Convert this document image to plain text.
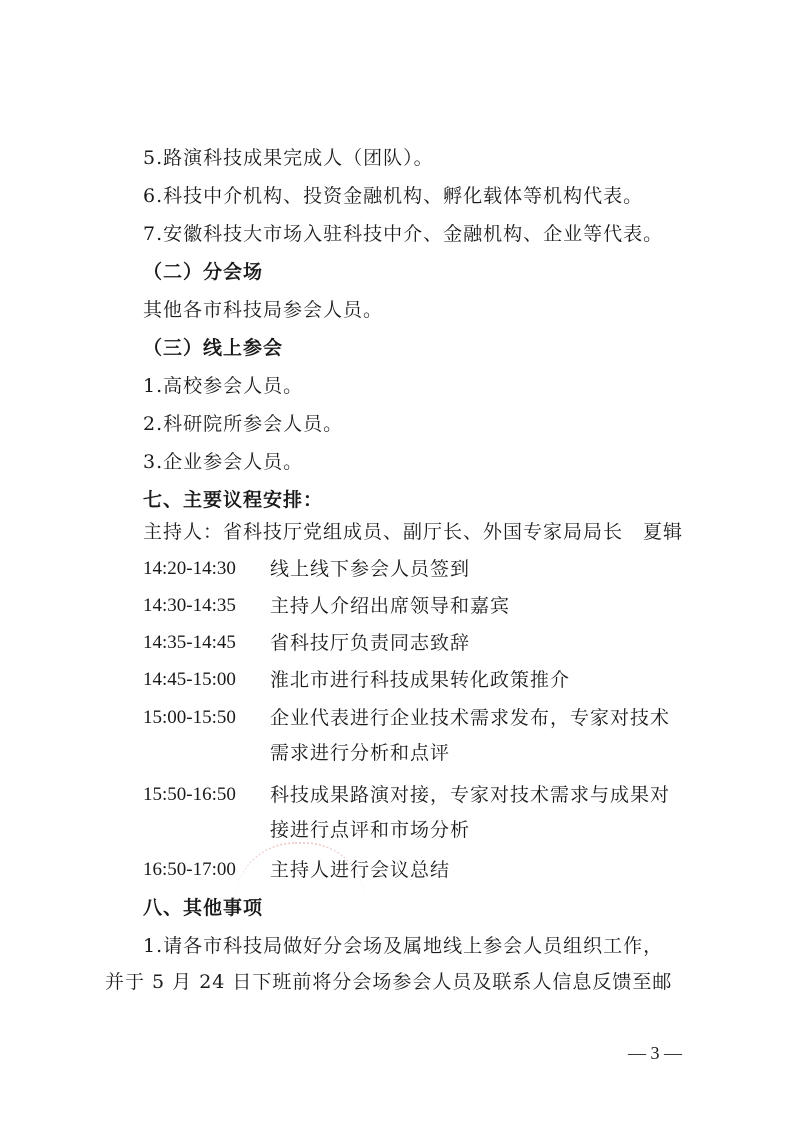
5.路演科技成果完成人（团队）。
6.科技中介机构、投资金融机构、孵化载体等机构代表。
7.安徽科技大市场入驻科技中介、金融机构、企业等代表。
（二）分会场
其他各市科技局参会人员。
（三）线上参会
1.高校参会人员。
2.科研院所参会人员。
3.企业参会人员。
七、主要议程安排：
主持人：省科技厅党组成员、副厅长、外国专家局局长　夏辑
14:20-14:30 线上线下参会人员签到
14:30-14:35 主持人介绍出席领导和嘉宾
14:35-14:45 省科技厅负责同志致辞
14:45-15:00 淮北市进行科技成果转化政策推介
15:00-15:50 企业代表进行企业技术需求发布，专家对技术
需求进行分析和点评
15:50-16:50 科技成果路演对接，专家对技术需求与成果对
接进行点评和市场分析
16:50-17:00 主持人进行会议总结
八、其他事项
1.请各市科技局做好分会场及属地线上参会人员组织工作，
并于 5 月 24 日下班前将分会场参会人员及联系人信息反馈至邮
— 3 —
